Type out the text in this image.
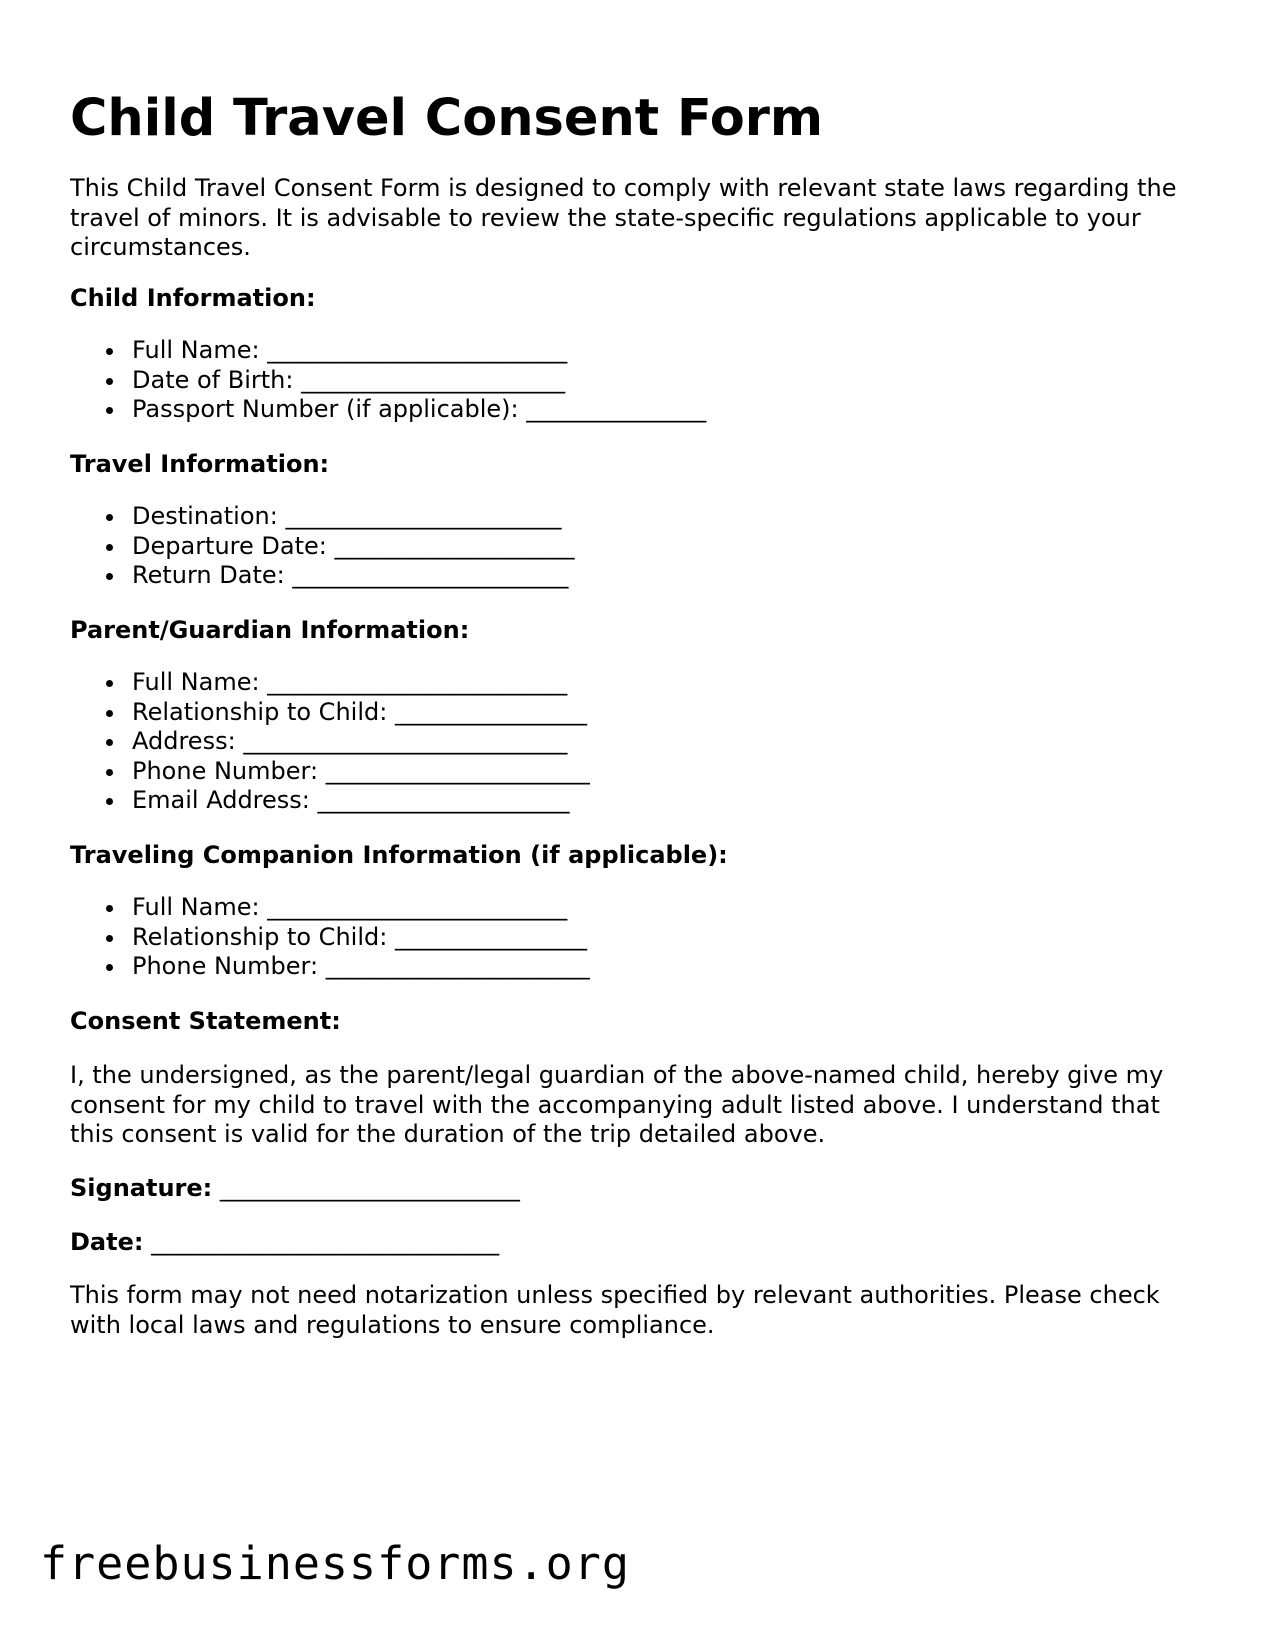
Child Travel Consent Form

This Child Travel Consent Form is designed to comply with relevant state laws regarding the travel of minors. It is advisable to review the state-specific regulations applicable to your circumstances.

Child Information:
Full Name: _________________________
Date of Birth: ______________________
Passport Number (if applicable): _______________
Travel Information:
Destination: _______________________
Departure Date: ____________________
Return Date: _______________________
Parent/Guardian Information:
Full Name: _________________________
Relationship to Child: ________________
Address: ___________________________
Phone Number: ______________________
Email Address: _____________________
Traveling Companion Information (if applicable):
Full Name: _________________________
Relationship to Child: ________________
Phone Number: ______________________
Consent Statement:

I, the undersigned, as the parent/legal guardian of the above-named child, hereby give my consent for my child to travel with the accompanying adult listed above. I understand that this consent is valid for the duration of the trip detailed above.

Signature: _________________________

Date: _____________________________

This form may not need notarization unless specified by relevant authorities. Please check with local laws and regulations to ensure compliance.

freebusinessforms.org
